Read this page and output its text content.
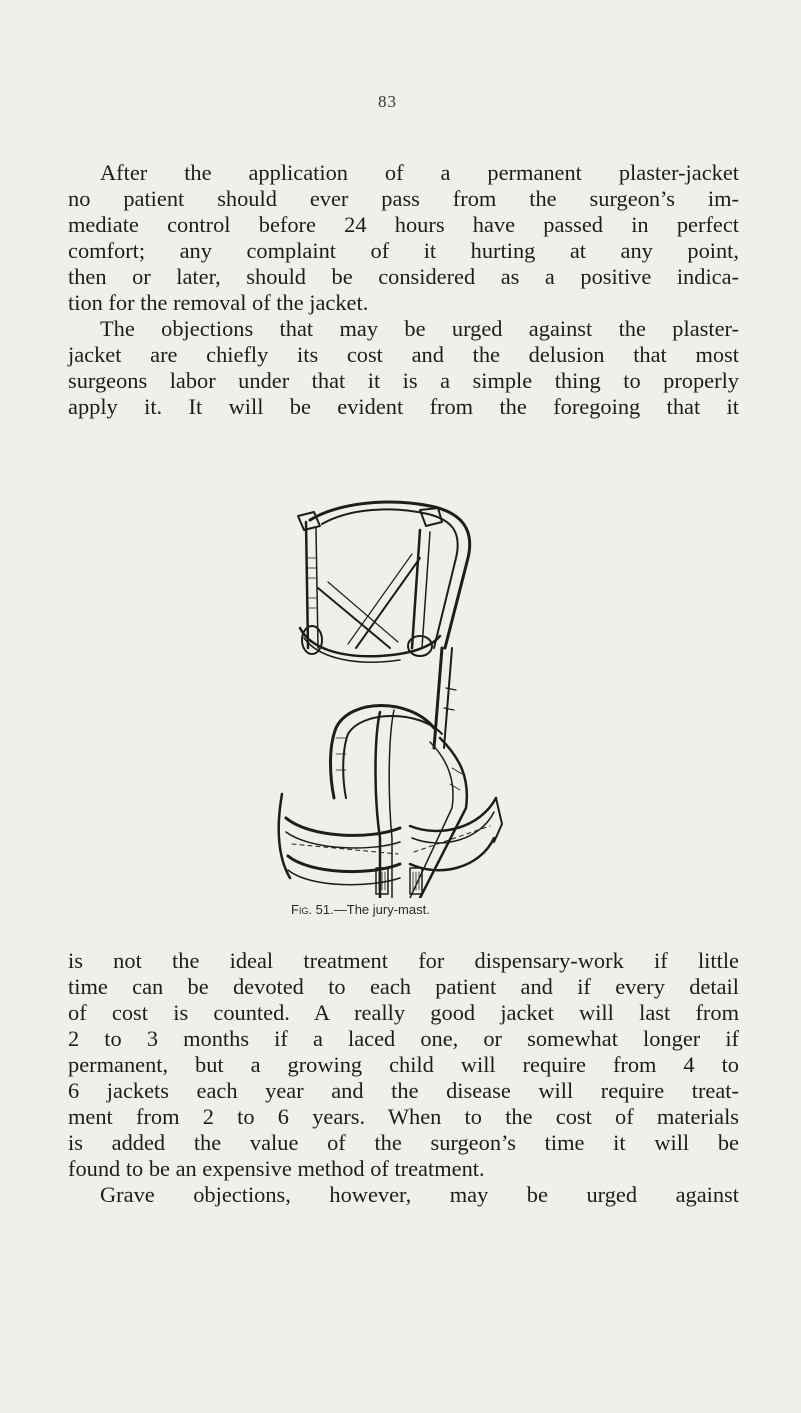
83
After the application of a permanent plaster-jacket
no patient should ever pass from the surgeon’s im-
mediate control before 24 hours have passed in perfect
comfort; any complaint of it hurting at any point,
then or later, should be considered as a positive indica-
tion for the removal of the jacket.
The objections that may be urged against the plaster-
jacket are chiefly its cost and the delusion that most
surgeons labor under that it is a simple thing to properly
apply it. It will be evident from the foregoing that it
Fig. 51.—The jury-mast.
is not the ideal treatment for dispensary-work if little
time can be devoted to each patient and if every detail
of cost is counted. A really good jacket will last from
2 to 3 months if a laced one, or somewhat longer if
permanent, but a growing child will require from 4 to
6 jackets each year and the disease will require treat-
ment from 2 to 6 years. When to the cost of materials
is added the value of the surgeon’s time it will be
found to be an expensive method of treatment.
Grave objections, however, may be urged against
